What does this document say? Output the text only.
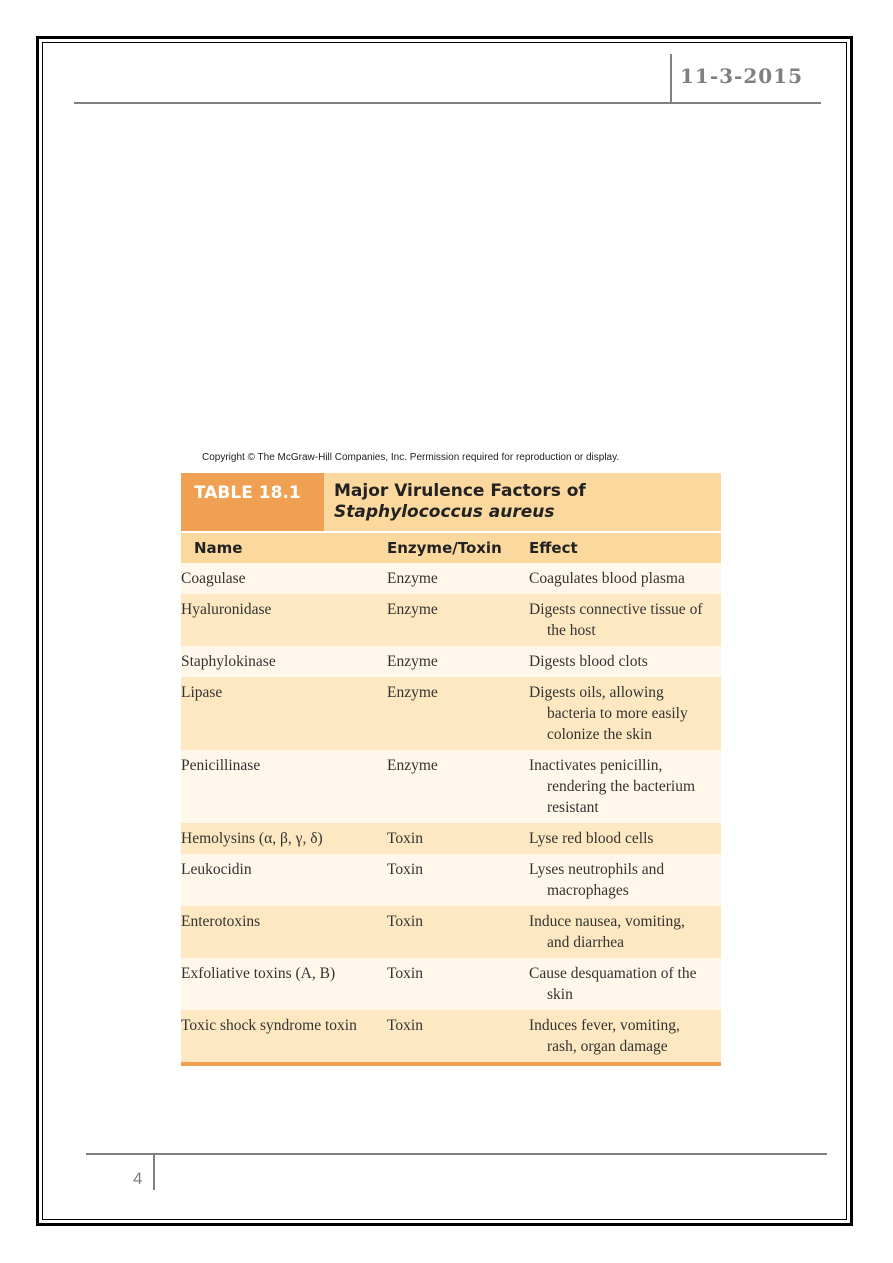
11-3-2015
Copyright © The McGraw-Hill Companies, Inc. Permission required for reproduction or display.
TABLE 18.1	Major Virulence Factors of
Staphylococcus aureus
Name	Enzyme/Toxin	Effect
Coagulase	Enzyme	Coagulates blood plasma
Hyaluronidase	Enzyme	Digests connective tissue of the host
Staphylokinase	Enzyme	Digests blood clots
Lipase	Enzyme	Digests oils, allowing bacteria to more easily colonize the skin
Penicillinase	Enzyme	Inactivates penicillin, rendering the bacterium resistant
Hemolysins (α, β, γ, δ)	Toxin	Lyse red blood cells
Leukocidin	Toxin	Lyses neutrophils and macrophages
Enterotoxins	Toxin	Induce nausea, vomiting, and diarrhea
Exfoliative toxins (A, B)	Toxin	Cause desquamation of the skin
Toxic shock syndrome toxin	Toxin	Induces fever, vomiting, rash, organ damage
4
